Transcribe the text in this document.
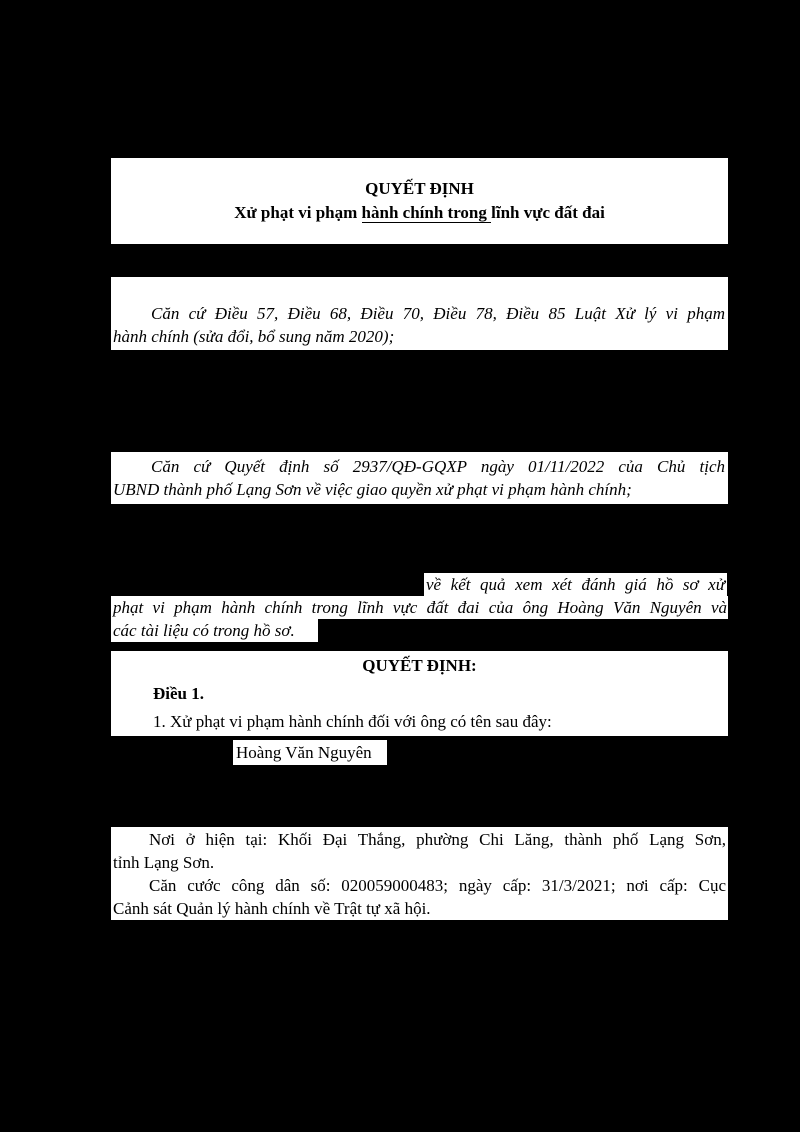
QUYẾT ĐỊNH
Xử phạt vi phạm hành chính trong lĩnh vực đất đai
Căn cứ Điều 57, Điều 68, Điều 70, Điều 78, Điều 85 Luật Xử lý vi phạm
hành chính (sửa đổi, bổ sung năm 2020);
Căn cứ Quyết định số 2937/QĐ-GQXP ngày 01/11/2022 của Chủ tịch
UBND thành phố Lạng Sơn về việc giao quyền xử phạt vi phạm hành chính;
về kết quả xem xét đánh giá hồ sơ xử
phạt vi phạm hành chính trong lĩnh vực đất đai của ông Hoàng Văn Nguyên và
các tài liệu có trong hồ sơ.
QUYẾT ĐỊNH:
Điều 1.
1. Xử phạt vi phạm hành chính đối với ông có tên sau đây:
Hoàng Văn Nguyên
Nơi ở hiện tại: Khối Đại Thắng, phường Chi Lăng, thành phố Lạng Sơn,
tỉnh Lạng Sơn.
Căn cước công dân số: 020059000483; ngày cấp: 31/3/2021; nơi cấp: Cục
Cảnh sát Quản lý hành chính về Trật tự xã hội.
